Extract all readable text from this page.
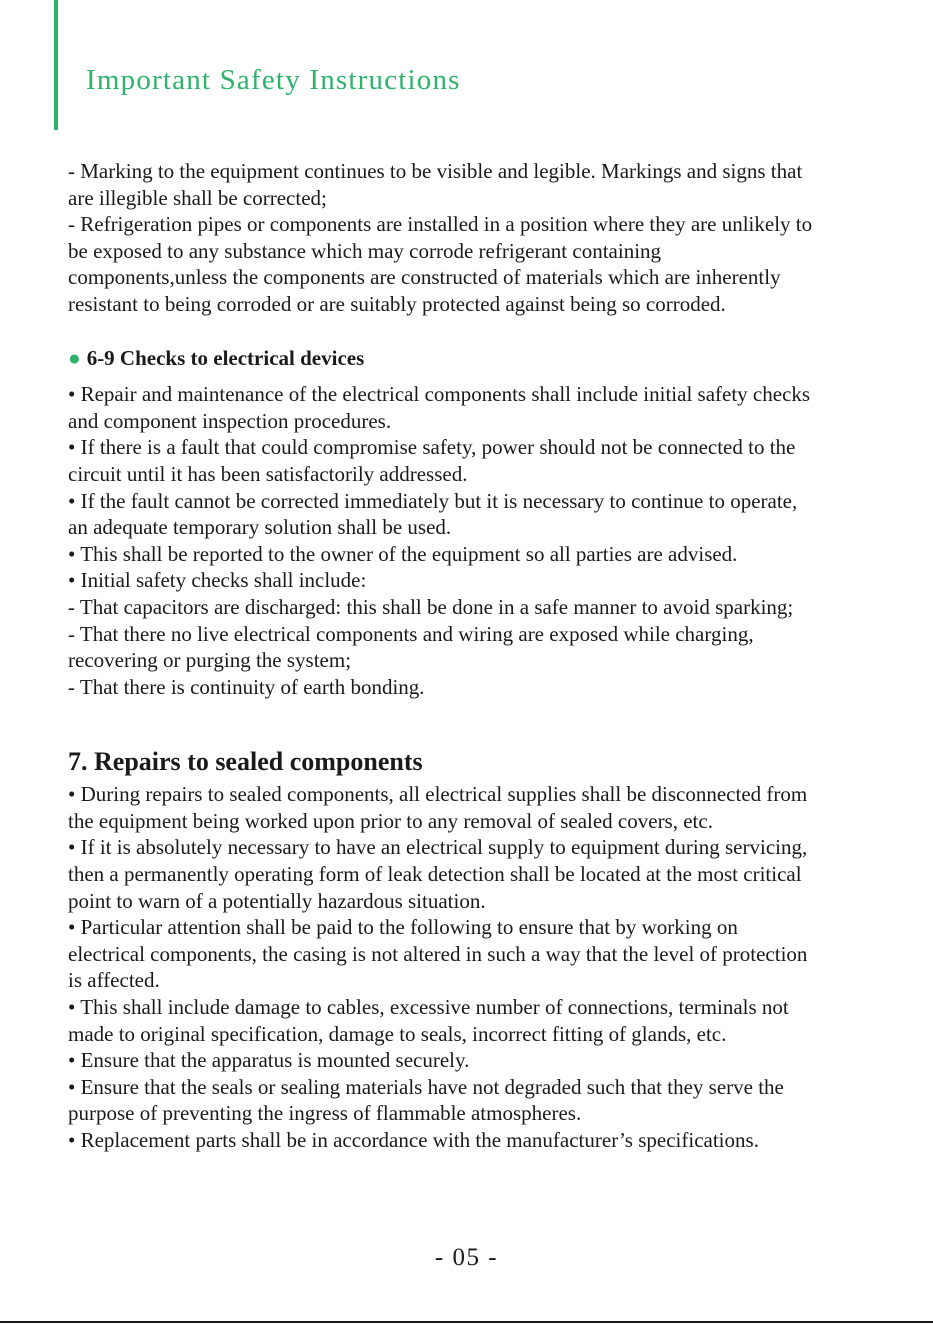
Important Safety Instructions

- Marking to the equipment continues to be visible and legible. Markings and signs that

are illegible shall be corrected;

- Refrigeration pipes or components are installed in a position where they are unlikely to

be exposed to any substance which may corrode refrigerant containing

components,unless the components are constructed of materials which are inherently

resistant to being corroded or are suitably protected against being so corroded.

● 6-9 Checks to electrical devices

• Repair and maintenance of the electrical components shall include initial safety checks

and component inspection procedures.

• If there is a fault that could compromise safety, power should not be connected to the

circuit until it has been satisfactorily addressed.

• If the fault cannot be corrected immediately but it is necessary to continue to operate,

an adequate temporary solution shall be used.

• This shall be reported to the owner of the equipment so all parties are advised.

• Initial safety checks shall include:

- That capacitors are discharged: this shall be done in a safe manner to avoid sparking;

- That there no live electrical components and wiring are exposed while charging,

recovering or purging the system;

- That there is continuity of earth bonding.

7. Repairs to sealed components

• During repairs to sealed components, all electrical supplies shall be disconnected from

the equipment being worked upon prior to any removal of sealed covers, etc.

• If it is absolutely necessary to have an electrical supply to equipment during servicing,

then a permanently operating form of leak detection shall be located at the most critical

point to warn of a potentially hazardous situation.

• Particular attention shall be paid to the following to ensure that by working on

electrical components, the casing is not altered in such a way that the level of protection

is affected.

• This shall include damage to cables, excessive number of connections, terminals not

made to original specification, damage to seals, incorrect fitting of glands, etc.

• Ensure that the apparatus is mounted securely.

• Ensure that the seals or sealing materials have not degraded such that they serve the

purpose of preventing the ingress of flammable atmospheres.

• Replacement parts shall be in accordance with the manufacturer’s specifications.

- 05 -
